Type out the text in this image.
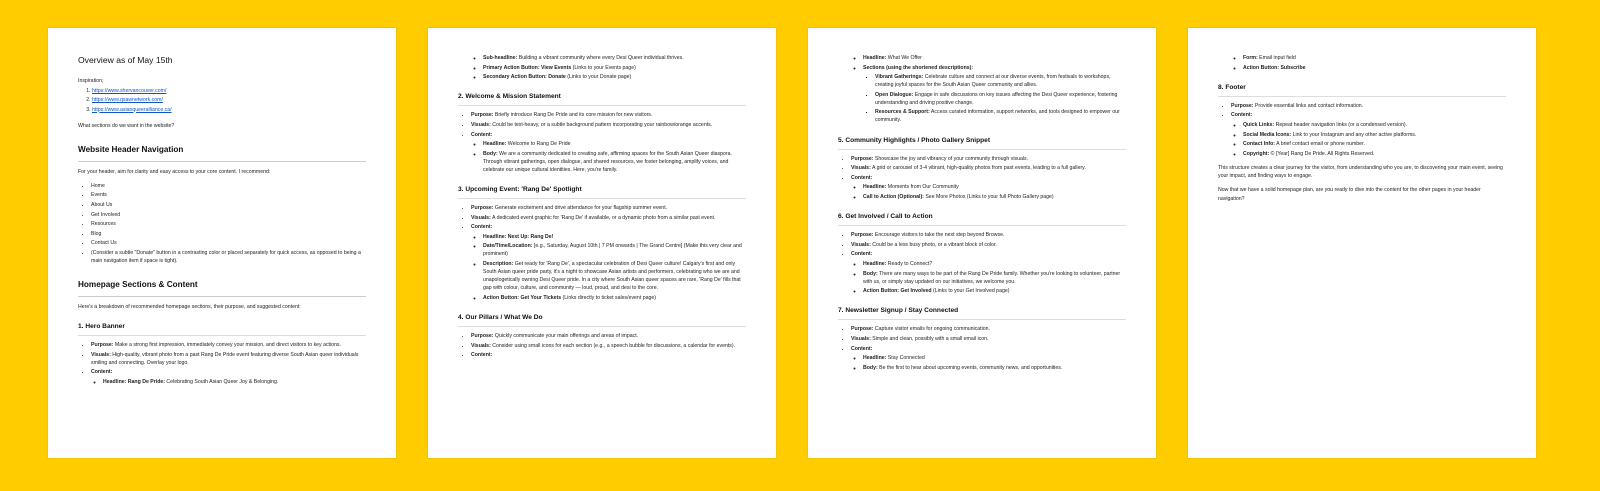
Overview as of May 15th

Inspiration;

1. https://www.shervancouver.com/
2. https://www.qsawnetwork.com/
3. https://www.asianqueeralliance.ca/

What sections do we want in the website?

Website Header Navigation

For your header, aim for clarity and easy access to your core content. I recommend:

• Home
• Events
• About Us
• Get Involved
• Resources
• Blog
• Contact Us
• (Consider a subtle "Donate" button in a contrasting color or placed separately for quick access, as opposed to being a main navigation item if space is tight).
Homepage Sections & Content

Here's a breakdown of recommended homepage sections, their purpose, and suggested content:

1. Hero Banner
• Purpose: Make a strong first impression, immediately convey your mission, and direct visitors to key actions.
• Visuals: High-quality, vibrant photo from a past Rang De Pride event featuring diverse South Asian queer individuals smiling and connecting. Overlay your logo.
• Content:
◦ Headline: Rang De Pride: Celebrating South Asian Queer Joy & Belonging.
◦ Sub-headline: Building a vibrant community where every Desi Queer individual thrives.
◦ Primary Action Button: View Events (Links to your Events page)
◦ Secondary Action Button: Donate (Links to your Donate page)
2. Welcome & Mission Statement
• Purpose: Briefly introduce Rang De Pride and its core mission for new visitors.
• Visuals: Could be text-heavy, or a subtle background pattern incorporating your rainbow/orange accents.
• Content:
◦ Headline: Welcome to Rang De Pride
◦ Body: We are a community dedicated to creating safe, affirming spaces for the South Asian Queer diaspora. Through vibrant gatherings, open dialogue, and shared resources, we foster belonging, amplify voices, and celebrate our unique cultural identities. Here, you're family.
3. Upcoming Event: 'Rang De' Spotlight
• Purpose: Generate excitement and drive attendance for your flagship summer event.
• Visuals: A dedicated event graphic for 'Rang De' if available, or a dynamic photo from a similar past event.
• Content:
◦ Headline: Next Up: Rang De!
◦ Date/Time/Location: [e.g., Saturday, August 10th | 7 PM onwards | The Grand Centre] (Make this very clear and prominent)
◦ Description: Get ready for 'Rang De', a spectacular celebration of Desi Queer culture! Calgary's first and only South Asian queer pride party, it's a night to showcase Asian artists and performers, celebrating who we are and unapologetically owning Desi Queer pride. In a city where South Asian queer spaces are rare, 'Rang De' fills that gap with colour, culture, and community — loud, proud, and desi to the core.
◦ Action Button: Get Your Tickets (Links directly to ticket sales/event page)
4. Our Pillars / What We Do
• Purpose: Quickly communicate your main offerings and areas of impact.
• Visuals: Consider using small icons for each section (e.g., a speech bubble for discussions, a calendar for events).
• Content:
◦ Headline: What We Offer
◦ Sections (using the shortened descriptions):
▪ Vibrant Gatherings: Celebrate culture and connect at our diverse events, from festivals to workshops, creating joyful spaces for the South Asian Queer community and allies.
▪ Open Dialogue: Engage in safe discussions on key issues affecting the Desi Queer experience, fostering understanding and driving positive change.
▪ Resources & Support: Access curated information, support networks, and tools designed to empower our community.
5. Community Highlights / Photo Gallery Snippet
• Purpose: Showcase the joy and vibrancy of your community through visuals.
• Visuals: A grid or carousel of 3-4 vibrant, high-quality photos from past events, leading to a full gallery.
• Content:
◦ Headline: Moments from Our Community
◦ Call to Action (Optional): See More Photos (Links to your full Photo Gallery page)
6. Get Involved / Call to Action
• Purpose: Encourage visitors to take the next step beyond Browse.
• Visuals: Could be a less busy photo, or a vibrant block of color.
• Content:
◦ Headline: Ready to Connect?
◦ Body: There are many ways to be part of the Rang De Pride family. Whether you're looking to volunteer, partner with us, or simply stay updated on our initiatives, we welcome you.
◦ Action Button: Get Involved (Links to your Get Involved page)
7. Newsletter Signup / Stay Connected
• Purpose: Capture visitor emails for ongoing communication.
• Visuals: Simple and clean, possibly with a small email icon.
• Content:
◦ Headline: Stay Connected
◦ Body: Be the first to hear about upcoming events, community news, and opportunities.
◦ Form: Email input field
◦ Action Button: Subscribe
8. Footer
• Purpose: Provide essential links and contact information.
• Content:
◦ Quick Links: Repeat header navigation links (or a condensed version).
◦ Social Media Icons: Link to your Instagram and any other active platforms.
◦ Contact Info: A brief contact email or phone number.
◦ Copyright: © [Year] Rang De Pride. All Rights Reserved.

This structure creates a clear journey for the visitor, from understanding who you are, to discovering your main event, seeing your impact, and finding ways to engage.

Now that we have a solid homepage plan, are you ready to dive into the content for the other pages in your header navigation?
